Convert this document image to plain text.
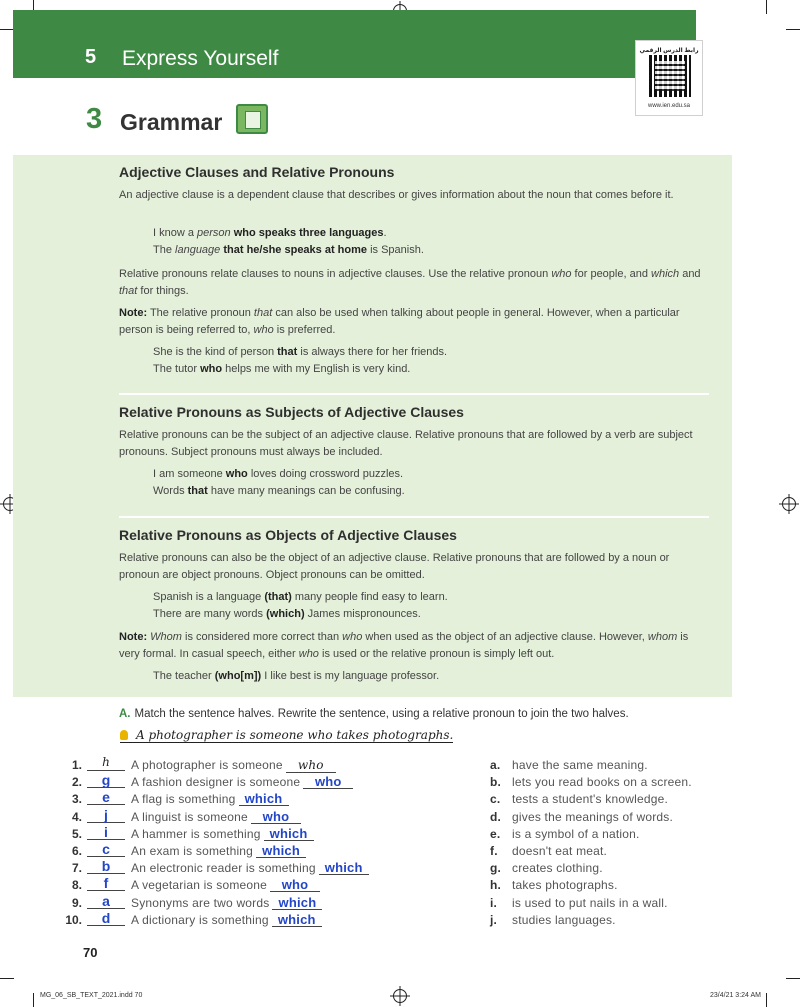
5 Express Yourself	رابط الدرس الرقمي
www.ien.edu.sa
3 Grammar
Adjective Clauses and Relative Pronouns
An adjective clause is a dependent clause that describes or gives information about the noun that comes before it.
I know a person who speaks three languages.
The language that he/she speaks at home is Spanish.
Relative pronouns relate clauses to nouns in adjective clauses. Use the relative pronoun who for people, and which and that for things.
Note: The relative pronoun that can also be used when talking about people in general. However, when a particular person is being referred to, who is preferred.
She is the kind of person that is always there for her friends.
The tutor who helps me with my English is very kind.
Relative Pronouns as Subjects of Adjective Clauses
Relative pronouns can be the subject of an adjective clause. Relative pronouns that are followed by a verb are subject pronouns. Subject pronouns must always be included.
I am someone who loves doing crossword puzzles.
Words that have many meanings can be confusing.
Relative Pronouns as Objects of Adjective Clauses
Relative pronouns can also be the object of an adjective clause. Relative pronouns that are followed by a noun or pronoun are object pronouns. Object pronouns can be omitted.
Spanish is a language (that) many people find easy to learn.
There are many words (which) James mispronounces.
Note: Whom is considered more correct than who when used as the object of an adjective clause. However, whom is very formal. In casual speech, either who is used or the relative pronoun is simply left out.
The teacher (who[m]) I like best is my language professor.
A. Match the sentence halves. Rewrite the sentence, using a relative pronoun to join the two halves.
A photographer is someone who takes photographs.
1.	h	A photographer is someone who
2.	g	A fashion designer is someone who
3.	e	A flag is something which
4.	j	A linguist is someone who
5.	i	A hammer is something which
6.	c	An exam is something which
7.	b	An electronic reader is something which
8.	f	A vegetarian is someone who
9.	a	Synonyms are two words which
10.	d	A dictionary is something which
a. have the same meaning.
b. lets you read books on a screen.
c. tests a student's knowledge.
d. gives the meanings of words.
e. is a symbol of a nation.
f. doesn't eat meat.
g. creates clothing.
h. takes photographs.
i. is used to put nails in a wall.
j. studies languages.
70
MG_06_SB_TEXT_2021.indd 70	23/4/21 3:24 AM
